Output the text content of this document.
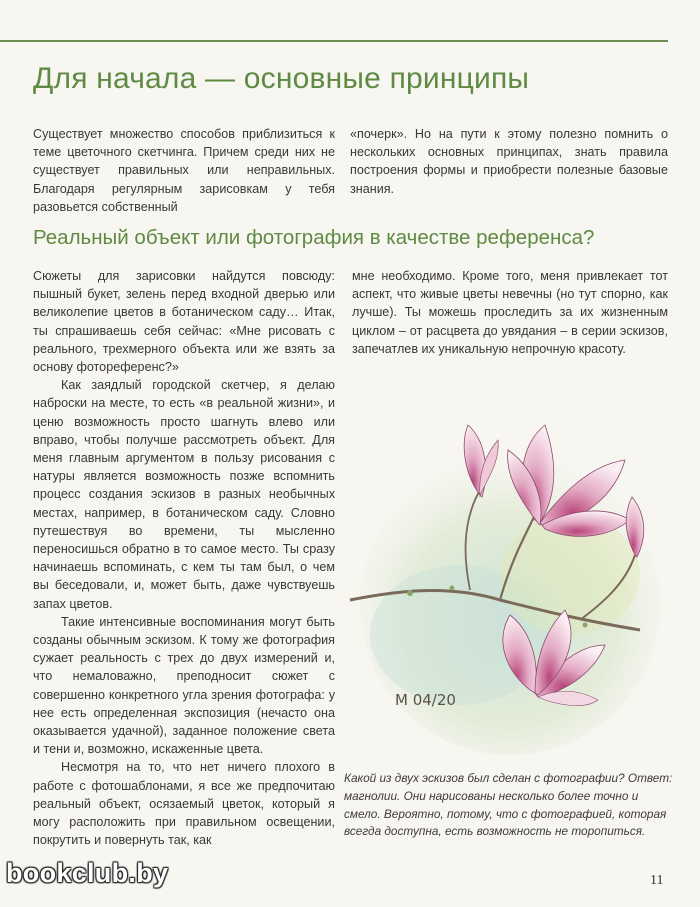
Для начала — основные принципы

Существует множество способов приблизиться к теме цветочного скетчинга. Причем среди них не существует правильных или неправильных. Благодаря регулярным зарисовкам у тебя разовьется собственный

«почерк». Но на пути к этому полезно помнить о нескольких основных принципах, знать правила построения формы и приобрести полезные базовые знания.

Реальный объект или фотография в качестве референса?

Сюжеты для зарисовки найдутся повсюду: пышный букет, зелень перед входной дверью или великолепие цветов в ботаническом саду… Итак, ты спрашиваешь себя сейчас: «Мне рисовать с реального, трехмерного объекта или же взять за основу фотореференс?»

Как заядлый городской скетчер, я делаю наброски на месте, то есть «в реальной жизни», и ценю возможность просто шагнуть влево или вправо, чтобы получше рассмотреть объект. Для меня главным аргументом в пользу рисования с натуры является возможность позже вспомнить процесс создания эскизов в разных необычных местах, например, в ботаническом саду. Словно путешествуя во времени, ты мысленно переносишься обратно в то самое место. Ты сразу начинаешь вспоминать, с кем ты там был, о чем вы беседовали, и, может быть, даже чувствуешь запах цветов.

Такие интенсивные воспоминания могут быть созданы обычным эскизом. К тому же фотография сужает реальность с трех до двух измерений и, что немаловажно, преподносит сюжет с совершенно конкретного угла зрения фотографа: у нее есть определенная экспозиция (нечасто она оказывается удачной), заданное положение света и тени и, возможно, искаженные цвета.

Несмотря на то, что нет ничего плохого в работе с фотошаблонами, я все же предпочитаю реальный объект, осязаемый цветок, который я могу расположить при правильном освещении, покрутить и повернуть так, как

мне необходимо. Кроме того, меня привлекает тот аспект, что живые цветы невечны (но тут спорно, как лучше). Ты можешь проследить за их жизненным циклом – от расцвета до увядания – в серии эскизов, запечатлев их уникальную непрочную красоту.

М 04/20
Какой из двух эскизов был сделан с фотографии? Ответ: магнолии. Они нарисованы несколько более точно и смело. Вероятно, потому, что с фотографией, которая всегда доступна, есть возможность не торопиться.
11
bookclub.by
